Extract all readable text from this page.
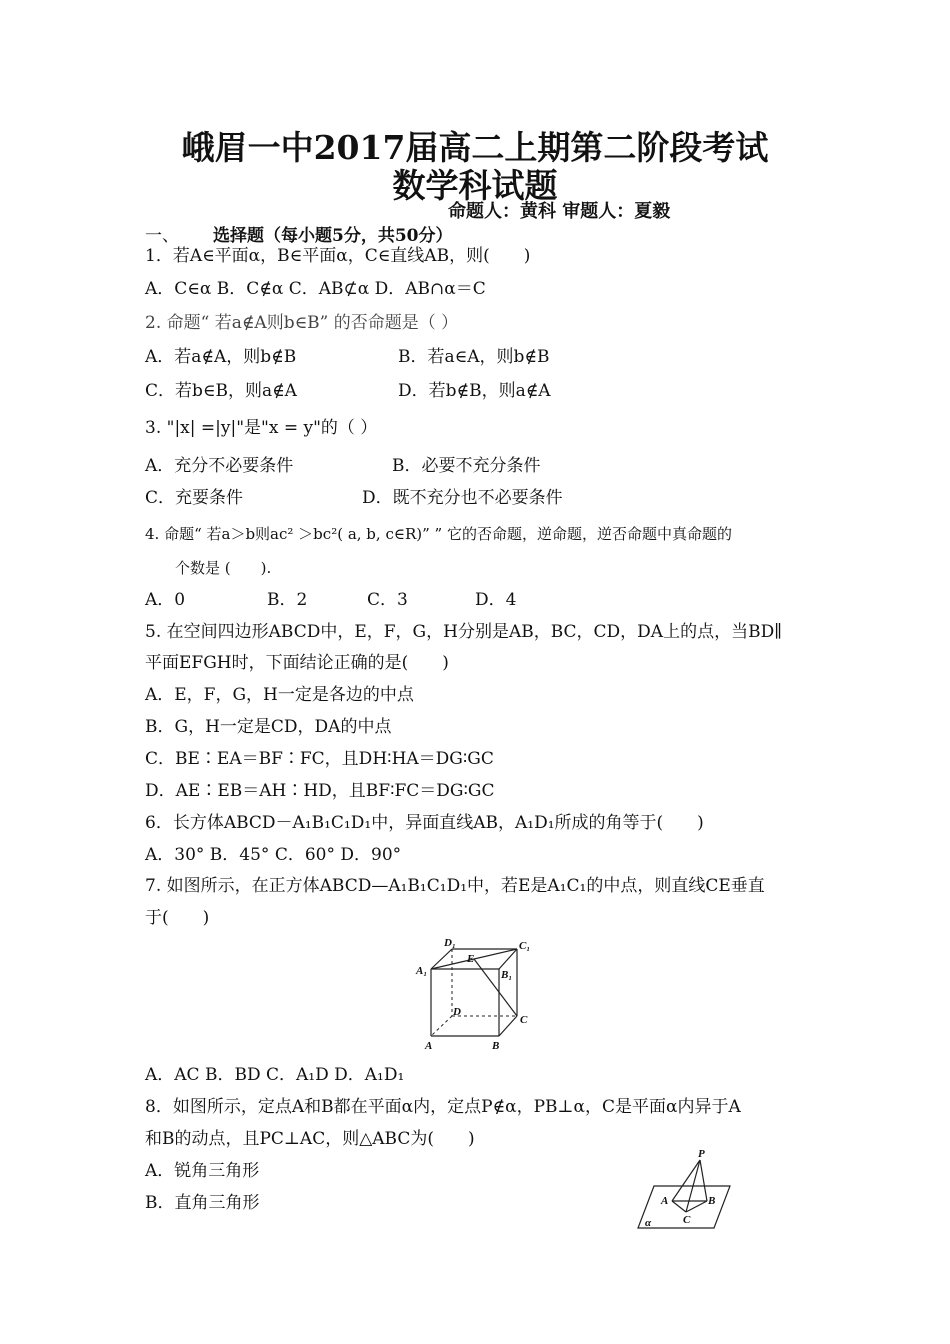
峨眉一中2017届高二上期第二阶段考试
数学科试题
命题人：黄科 审题人：夏毅
一、 选择题（每小题5分，共50分）
1．若A∈平面α，B∈平面α，C∈直线AB，则(　　)
A．C∈α B．C∉α C．AB⊄α D．AB∩α＝C
2. 命题“ 若a∉A则b∈B” 的否命题是（ ）
A．若a∉A，则b∉B	B．若a∈A，则b∉B
C．若b∈B，则a∉A	D．若b∉B，则a∉A
3. "|x| =|y|"是"x = y"的（ ）
A．充分不必要条件	B．必要不充分条件
C．充要条件	D．既不充分也不必要条件
4. 命题“ 若a＞b则ac² ＞bc²( a, b, c∈R)” ” 它的否命题，逆命题，逆否命题中真命题的
个数是 (　　).
A．0	B．2	C．3	D．4
5. 在空间四边形ABCD中，E，F，G，H分别是AB，BC，CD，DA上的点，当BD∥
平面EFGH时，下面结论正确的是(　　)
A．E，F，G，H一定是各边的中点
B．G，H一定是CD，DA的中点
C．BE∶EA＝BF∶FC，且DH∶HA＝DG∶GC
D．AE∶EB＝AH∶HD，且BF∶FC＝DG∶GC
6．长方体ABCD－A₁B₁C₁D₁中，异面直线AB，A₁D₁所成的角等于(　　)
A．30° B．45° C．60° D．90°
7. 如图所示，在正方体ABCD—A₁B₁C₁D₁中，若E是A₁C₁的中点，则直线CE垂直
于(　　)
D₁	C₁
A₁
E
B₁
D
C
A	B
A．AC B．BD C．A₁D D．A₁D₁
8．如图所示，定点A和B都在平面α内，定点P∉α，PB⊥α，C是平面α内异于A
和B的动点，且PC⊥AC，则△ABC为(　　)
A．锐角三角形
B．直角三角形
P
A	B
C
α
